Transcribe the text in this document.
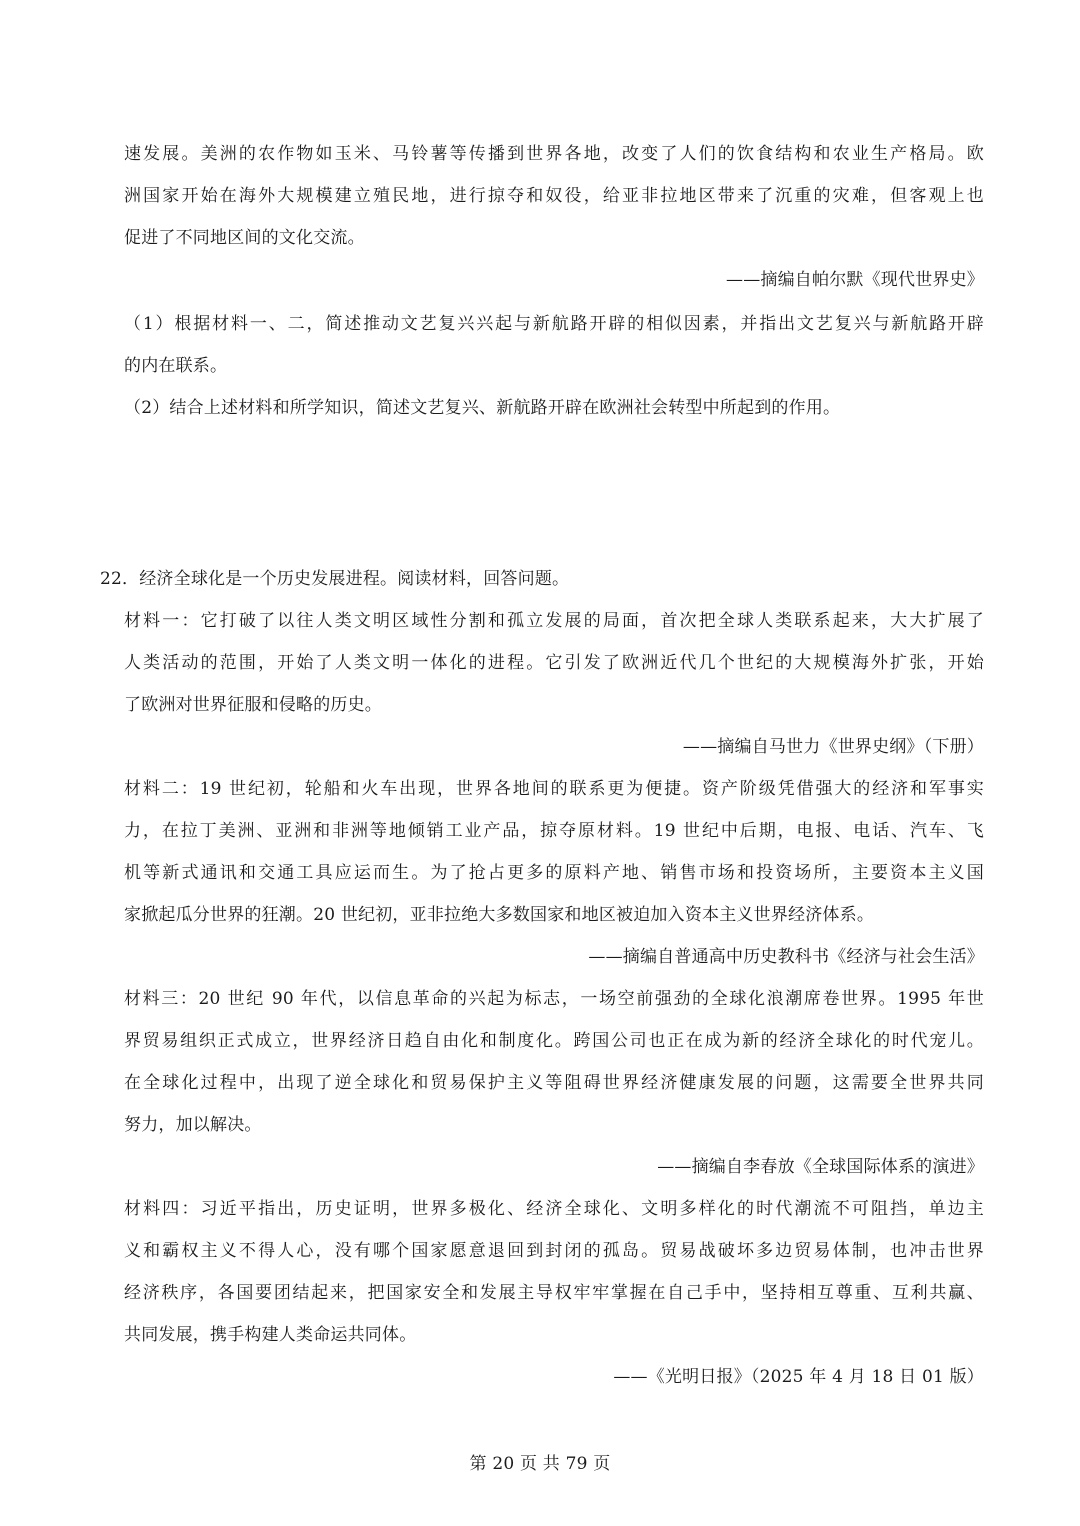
速发展。美洲的农作物如玉米、马铃薯等传播到世界各地，改变了人们的饮食结构和农业生产格局。欧
洲国家开始在海外大规模建立殖民地，进行掠夺和奴役，给亚非拉地区带来了沉重的灾难，但客观上也
促进了不同地区间的文化交流。
——摘编自帕尔默《现代世界史》
（1）根据材料一、二，简述推动文艺复兴兴起与新航路开辟的相似因素，并指出文艺复兴与新航路开辟
的内在联系。
（2）结合上述材料和所学知识，简述文艺复兴、新航路开辟在欧洲社会转型中所起到的作用。
22．经济全球化是一个历史发展进程。阅读材料，回答问题。
材料一：它打破了以往人类文明区域性分割和孤立发展的局面，首次把全球人类联系起来，大大扩展了
人类活动的范围，开始了人类文明一体化的进程。它引发了欧洲近代几个世纪的大规模海外扩张，开始
了欧洲对世界征服和侵略的历史。
——摘编自马世力《世界史纲》（下册）
材料二：19 世纪初，轮船和火车出现，世界各地间的联系更为便捷。资产阶级凭借强大的经济和军事实
力，在拉丁美洲、亚洲和非洲等地倾销工业产品，掠夺原材料。19 世纪中后期，电报、电话、汽车、飞
机等新式通讯和交通工具应运而生。为了抢占更多的原料产地、销售市场和投资场所，主要资本主义国
家掀起瓜分世界的狂潮。20 世纪初，亚非拉绝大多数国家和地区被迫加入资本主义世界经济体系。
——摘编自普通高中历史教科书《经济与社会生活》
材料三：20 世纪 90 年代，以信息革命的兴起为标志，一场空前强劲的全球化浪潮席卷世界。1995 年世
界贸易组织正式成立，世界经济日趋自由化和制度化。跨国公司也正在成为新的经济全球化的时代宠儿。
在全球化过程中，出现了逆全球化和贸易保护主义等阻碍世界经济健康发展的问题，这需要全世界共同
努力，加以解决。
——摘编自李春放《全球国际体系的演进》
材料四：习近平指出，历史证明，世界多极化、经济全球化、文明多样化的时代潮流不可阻挡，单边主
义和霸权主义不得人心，没有哪个国家愿意退回到封闭的孤岛。贸易战破坏多边贸易体制，也冲击世界
经济秩序，各国要团结起来，把国家安全和发展主导权牢牢掌握在自己手中，坚持相互尊重、互利共赢、
共同发展，携手构建人类命运共同体。
——《光明日报》（2025 年 4 月 18 日 01 版）
第 20 页 共 79 页
